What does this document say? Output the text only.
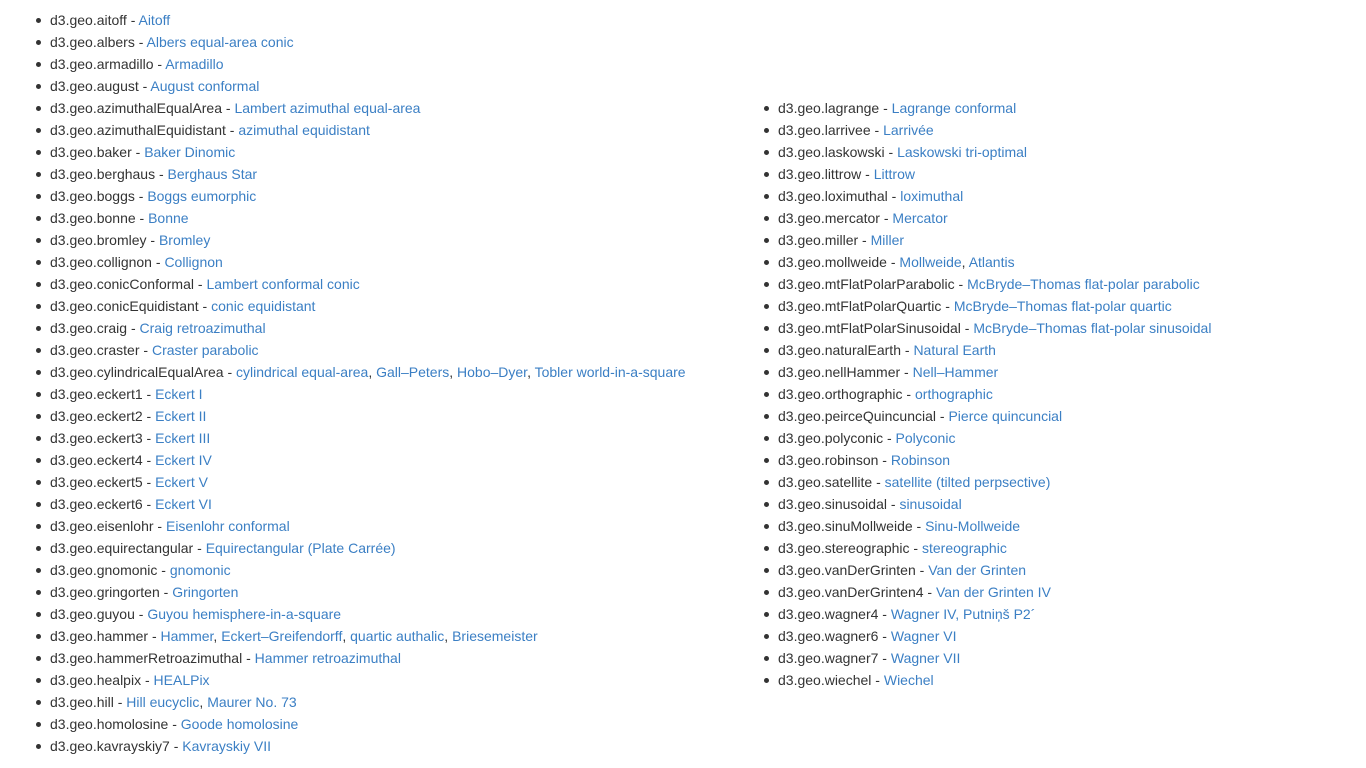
d3.geo.aitoff - Aitoff
d3.geo.albers - Albers equal-area conic
d3.geo.armadillo - Armadillo
d3.geo.august - August conformal
d3.geo.azimuthalEqualArea - Lambert azimuthal equal-area
d3.geo.azimuthalEquidistant - azimuthal equidistant
d3.geo.baker - Baker Dinomic
d3.geo.berghaus - Berghaus Star
d3.geo.boggs - Boggs eumorphic
d3.geo.bonne - Bonne
d3.geo.bromley - Bromley
d3.geo.collignon - Collignon
d3.geo.conicConformal - Lambert conformal conic
d3.geo.conicEquidistant - conic equidistant
d3.geo.craig - Craig retroazimuthal
d3.geo.craster - Craster parabolic
d3.geo.cylindricalEqualArea - cylindrical equal-area, Gall–Peters, Hobo–Dyer, Tobler world-in-a-square
d3.geo.eckert1 - Eckert I
d3.geo.eckert2 - Eckert II
d3.geo.eckert3 - Eckert III
d3.geo.eckert4 - Eckert IV
d3.geo.eckert5 - Eckert V
d3.geo.eckert6 - Eckert VI
d3.geo.eisenlohr - Eisenlohr conformal
d3.geo.equirectangular - Equirectangular (Plate Carrée)
d3.geo.gnomonic - gnomonic
d3.geo.gringorten - Gringorten
d3.geo.guyou - Guyou hemisphere-in-a-square
d3.geo.hammer - Hammer, Eckert–Greifendorff, quartic authalic, Briesemeister
d3.geo.hammerRetroazimuthal - Hammer retroazimuthal
d3.geo.healpix - HEALPix
d3.geo.hill - Hill eucyclic, Maurer No. 73
d3.geo.homolosine - Goode homolosine
d3.geo.kavrayskiy7 - Kavrayskiy VII
d3.geo.lagrange - Lagrange conformal
d3.geo.larrivee - Larrivée
d3.geo.laskowski - Laskowski tri-optimal
d3.geo.littrow - Littrow
d3.geo.loximuthal - loximuthal
d3.geo.mercator - Mercator
d3.geo.miller - Miller
d3.geo.mollweide - Mollweide, Atlantis
d3.geo.mtFlatPolarParabolic - McBryde–Thomas flat-polar parabolic
d3.geo.mtFlatPolarQuartic - McBryde–Thomas flat-polar quartic
d3.geo.mtFlatPolarSinusoidal - McBryde–Thomas flat-polar sinusoidal
d3.geo.naturalEarth - Natural Earth
d3.geo.nellHammer - Nell–Hammer
d3.geo.orthographic - orthographic
d3.geo.peirceQuincuncial - Pierce quincuncial
d3.geo.polyconic - Polyconic
d3.geo.robinson - Robinson
d3.geo.satellite - satellite (tilted perpsective)
d3.geo.sinusoidal - sinusoidal
d3.geo.sinuMollweide - Sinu-Mollweide
d3.geo.stereographic - stereographic
d3.geo.vanDerGrinten - Van der Grinten
d3.geo.vanDerGrinten4 - Van der Grinten IV
d3.geo.wagner4 - Wagner IV, Putniņš P2´
d3.geo.wagner6 - Wagner VI
d3.geo.wagner7 - Wagner VII
d3.geo.wiechel - Wiechel
